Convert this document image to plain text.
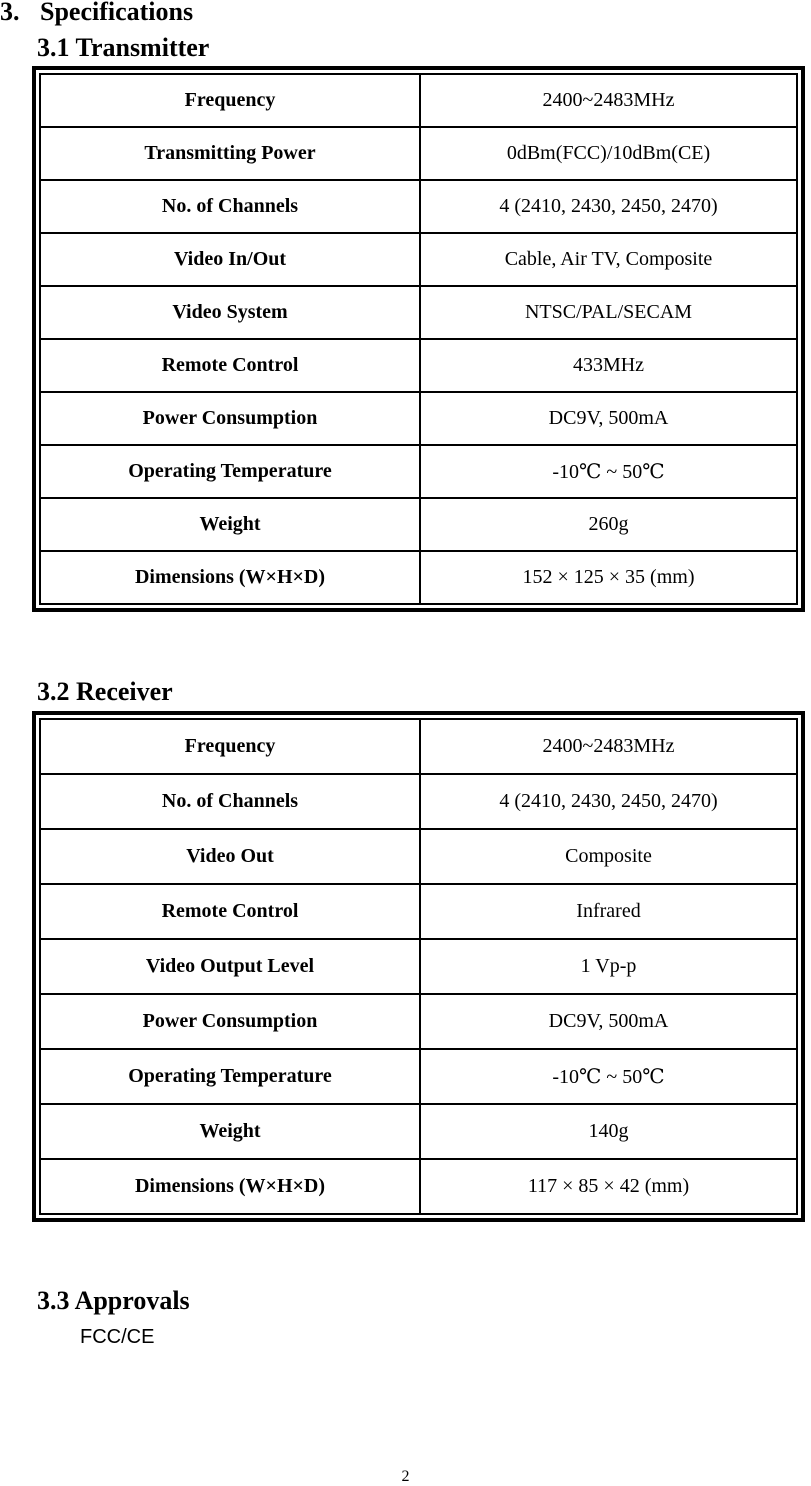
3. Specifications
3.1 Transmitter
Frequency	2400~2483MHz
Transmitting Power	0dBm(FCC)/10dBm(CE)
No. of Channels	4 (2410, 2430, 2450, 2470)
Video In/Out	Cable, Air TV, Composite
Video System	NTSC/PAL/SECAM
Remote Control	433MHz
Power Consumption	DC9V, 500mA
Operating Temperature	-10℃ ~ 50℃
Weight	260g
Dimensions (W×H×D)	152 × 125 × 35 (mm)
3.2 Receiver
Frequency	2400~2483MHz
No. of Channels	4 (2410, 2430, 2450, 2470)
Video Out	Composite
Remote Control	Infrared
Video Output Level	1 Vp-p
Power Consumption	DC9V, 500mA
Operating Temperature	-10℃ ~ 50℃
Weight	140g
Dimensions (W×H×D)	117 × 85 × 42 (mm)
3.3 Approvals
FCC/CE
2
